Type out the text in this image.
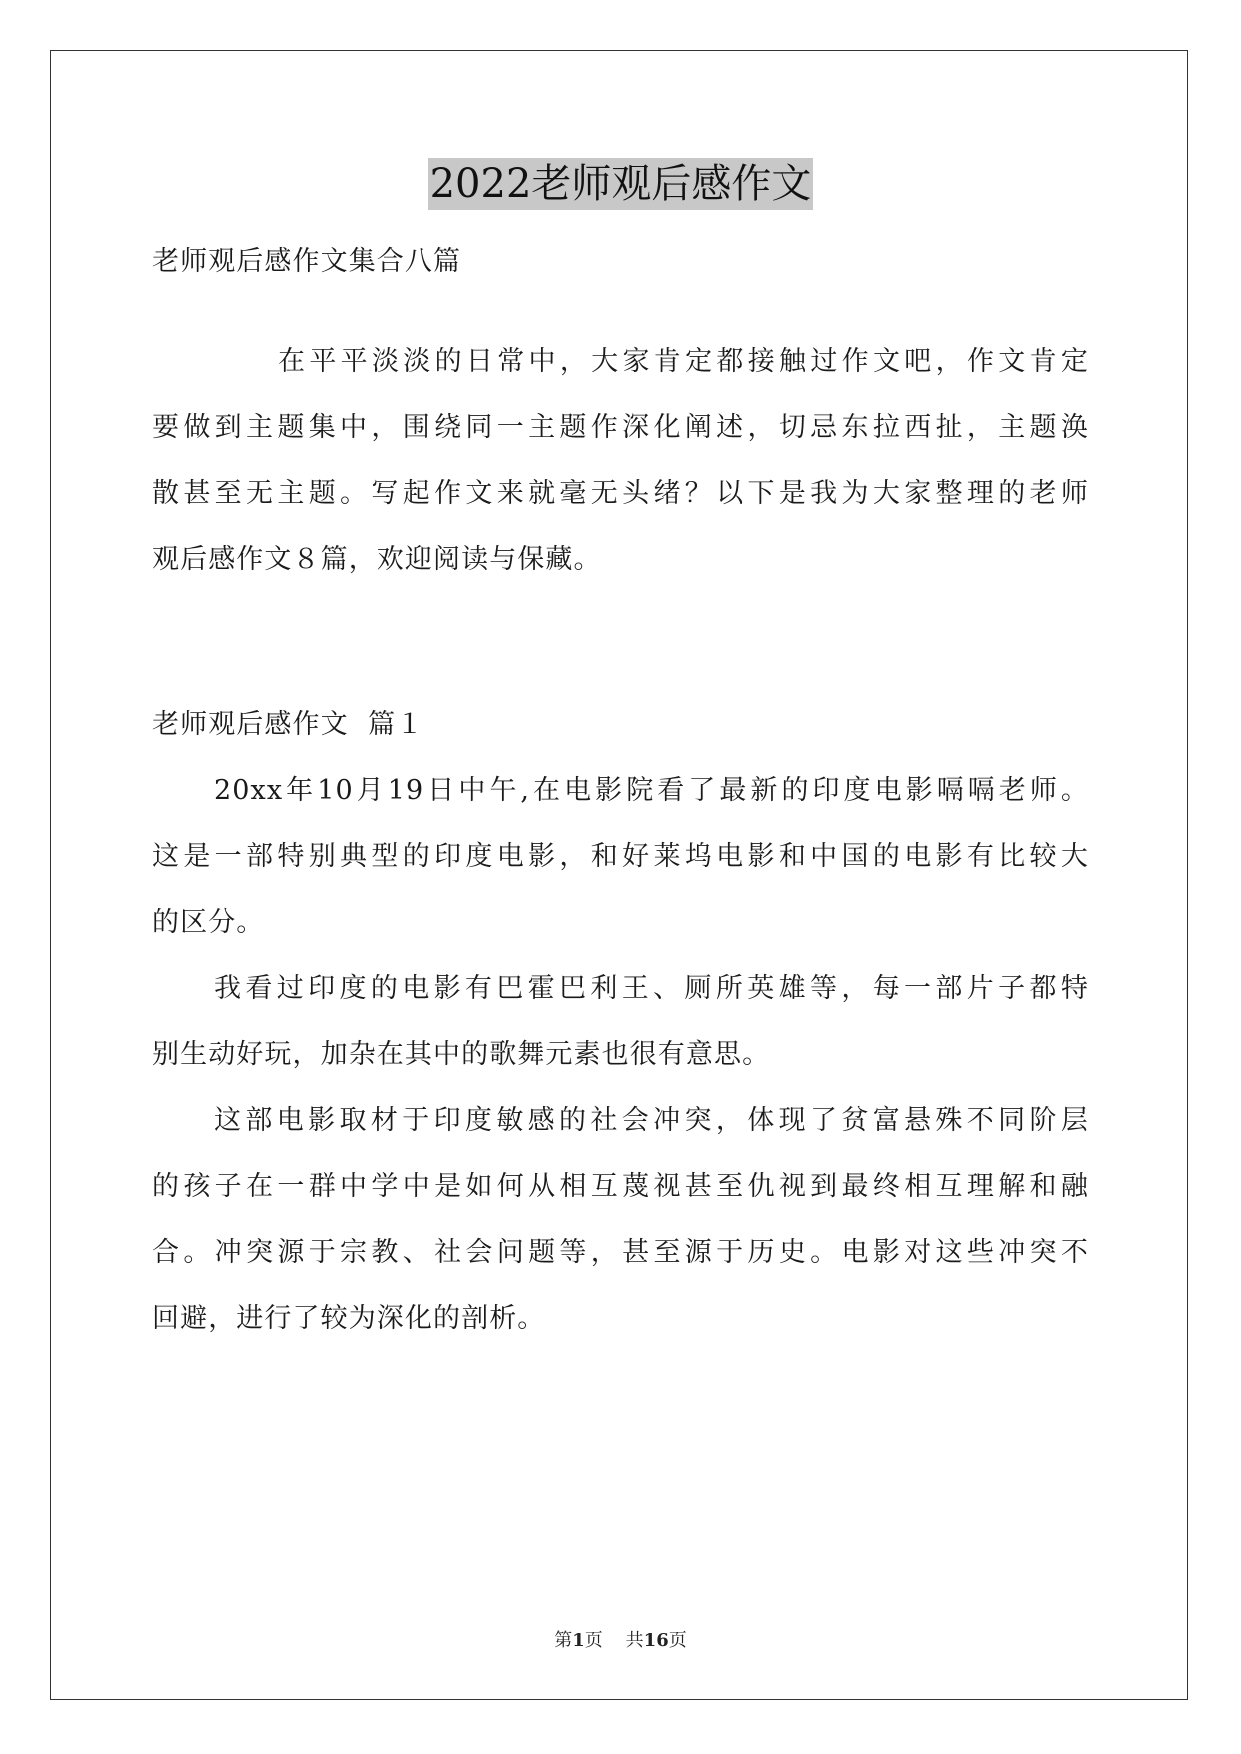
2022老师观后感作文
老师观后感作文集合八篇
在平平淡淡的日常中，大家肯定都接触过作文吧，作文肯定
要做到主题集中，围绕同一主题作深化阐述，切忌东拉西扯，主题涣
散甚至无主题。写起作文来就毫无头绪？以下是我为大家整理的老师
观后感作文８篇，欢迎阅读与保藏。
老师观后感作文  篇１
20xx年10月19日中午,在电影院看了最新的印度电影嗝嗝老师。
这是一部特别典型的印度电影，和好莱坞电影和中国的电影有比较大
的区分。
我看过印度的电影有巴霍巴利王、厕所英雄等，每一部片子都特
别生动好玩，加杂在其中的歌舞元素也很有意思。
这部电影取材于印度敏感的社会冲突，体现了贫富悬殊不同阶层
的孩子在一群中学中是如何从相互蔑视甚至仇视到最终相互理解和融
合。冲突源于宗教、社会问题等，甚至源于历史。电影对这些冲突不
回避，进行了较为深化的剖析。
第1页 共16页
